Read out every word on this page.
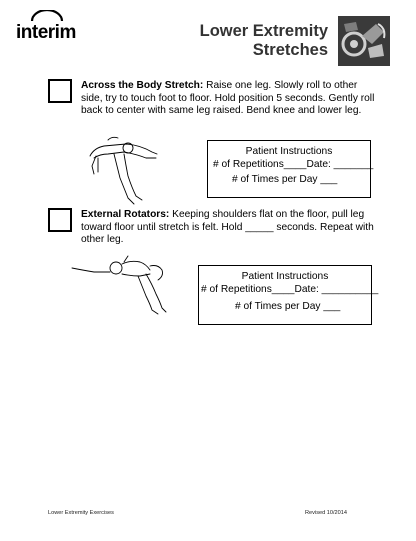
interim	Lower Extremity
Stretches
Across the Body Stretch: Raise one leg. Slowly roll to other side, try to touch foot to floor. Hold position 5 seconds. Gently roll back to center with same leg raised. Bend knee and lower leg.
Patient Instructions
# of Repetitions____Date: _______
# of Times per Day ___
External Rotators: Keeping shoulders flat on the floor, pull leg toward floor until stretch is felt. Hold _____ seconds. Repeat with other leg.
Patient Instructions
# of Repetitions____Date: __________
# of Times per Day ___
Lower Extremity Exercises	Revised 10/2014
